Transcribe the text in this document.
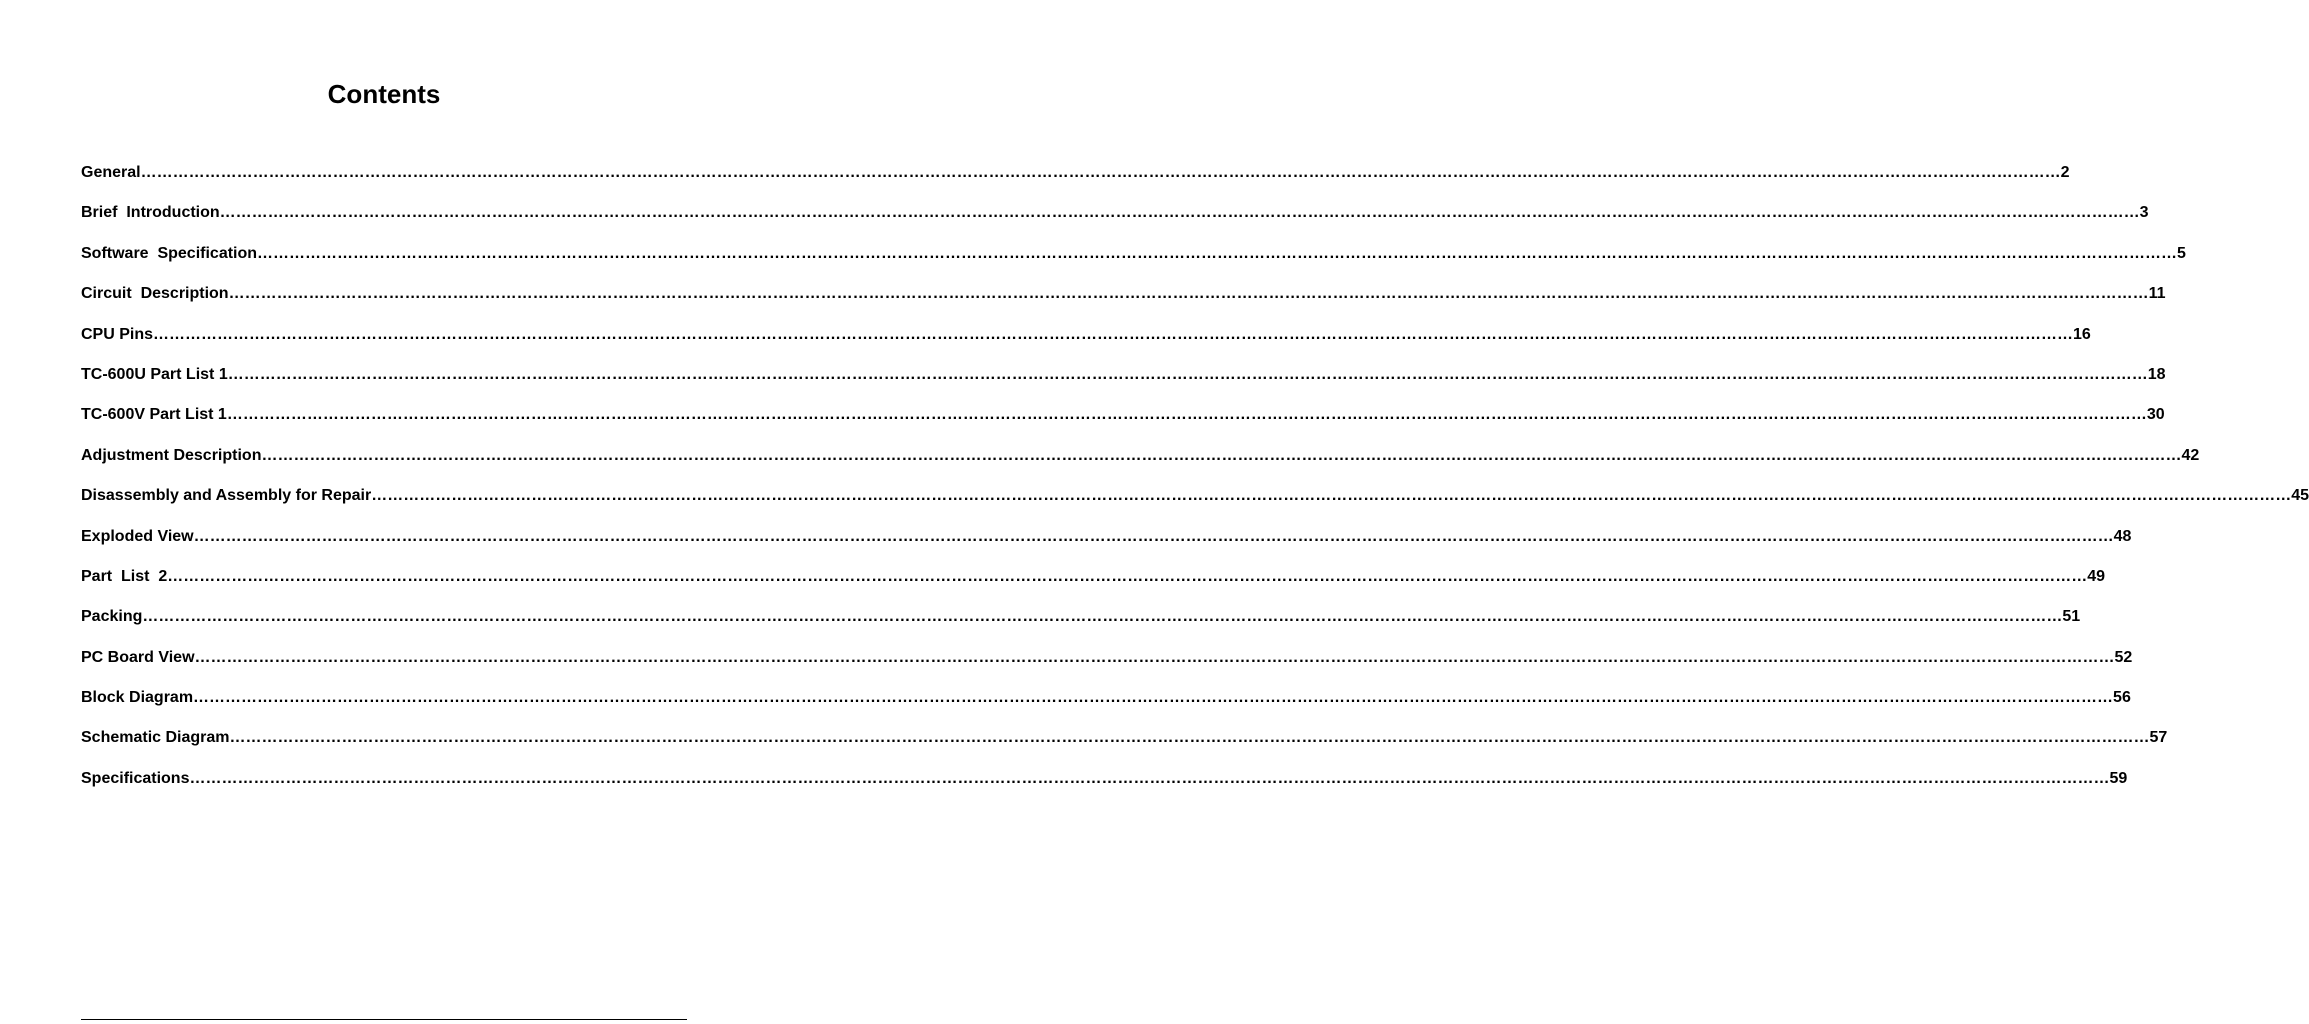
Contents
General ……………………………………………………………………………………………………………………………………………………………………………………………………………………………………………………………………………………………………………………………… 2
Brief  Introduction ……………………………………………………………………………………………………………………………………………………………………………………………………………………………………………………………………………………………………………………………… 3
Software  Specification ……………………………………………………………………………………………………………………………………………………………………………………………………………………………………………………………………………………………………………………………… 5
Circuit  Description ……………………………………………………………………………………………………………………………………………………………………………………………………………………………………………………………………………………………………………………………… 11
CPU Pins ……………………………………………………………………………………………………………………………………………………………………………………………………………………………………………………………………………………………………………………………… 16
TC-600U Part List 1 ……………………………………………………………………………………………………………………………………………………………………………………………………………………………………………………………………………………………………………………………… 18
TC-600V Part List 1 ……………………………………………………………………………………………………………………………………………………………………………………………………………………………………………………………………………………………………………………………… 30
Adjustment Description ……………………………………………………………………………………………………………………………………………………………………………………………………………………………………………………………………………………………………………………………… 42
Disassembly and Assembly for Repair ……………………………………………………………………………………………………………………………………………………………………………………………………………………………………………………………………………………………………………………………… 45
Exploded View ……………………………………………………………………………………………………………………………………………………………………………………………………………………………………………………………………………………………………………………………… 48
Part  List  2 ……………………………………………………………………………………………………………………………………………………………………………………………………………………………………………………………………………………………………………………………… 49
Packing ……………………………………………………………………………………………………………………………………………………………………………………………………………………………………………………………………………………………………………………………… 51
PC Board View ……………………………………………………………………………………………………………………………………………………………………………………………………………………………………………………………………………………………………………………………… 52
Block Diagram ……………………………………………………………………………………………………………………………………………………………………………………………………………………………………………………………………………………………………………………………… 56
Schematic Diagram ……………………………………………………………………………………………………………………………………………………………………………………………………………………………………………………………………………………………………………………………… 57
Specifications ……………………………………………………………………………………………………………………………………………………………………………………………………………………………………………………………………………………………………………………………… 59
